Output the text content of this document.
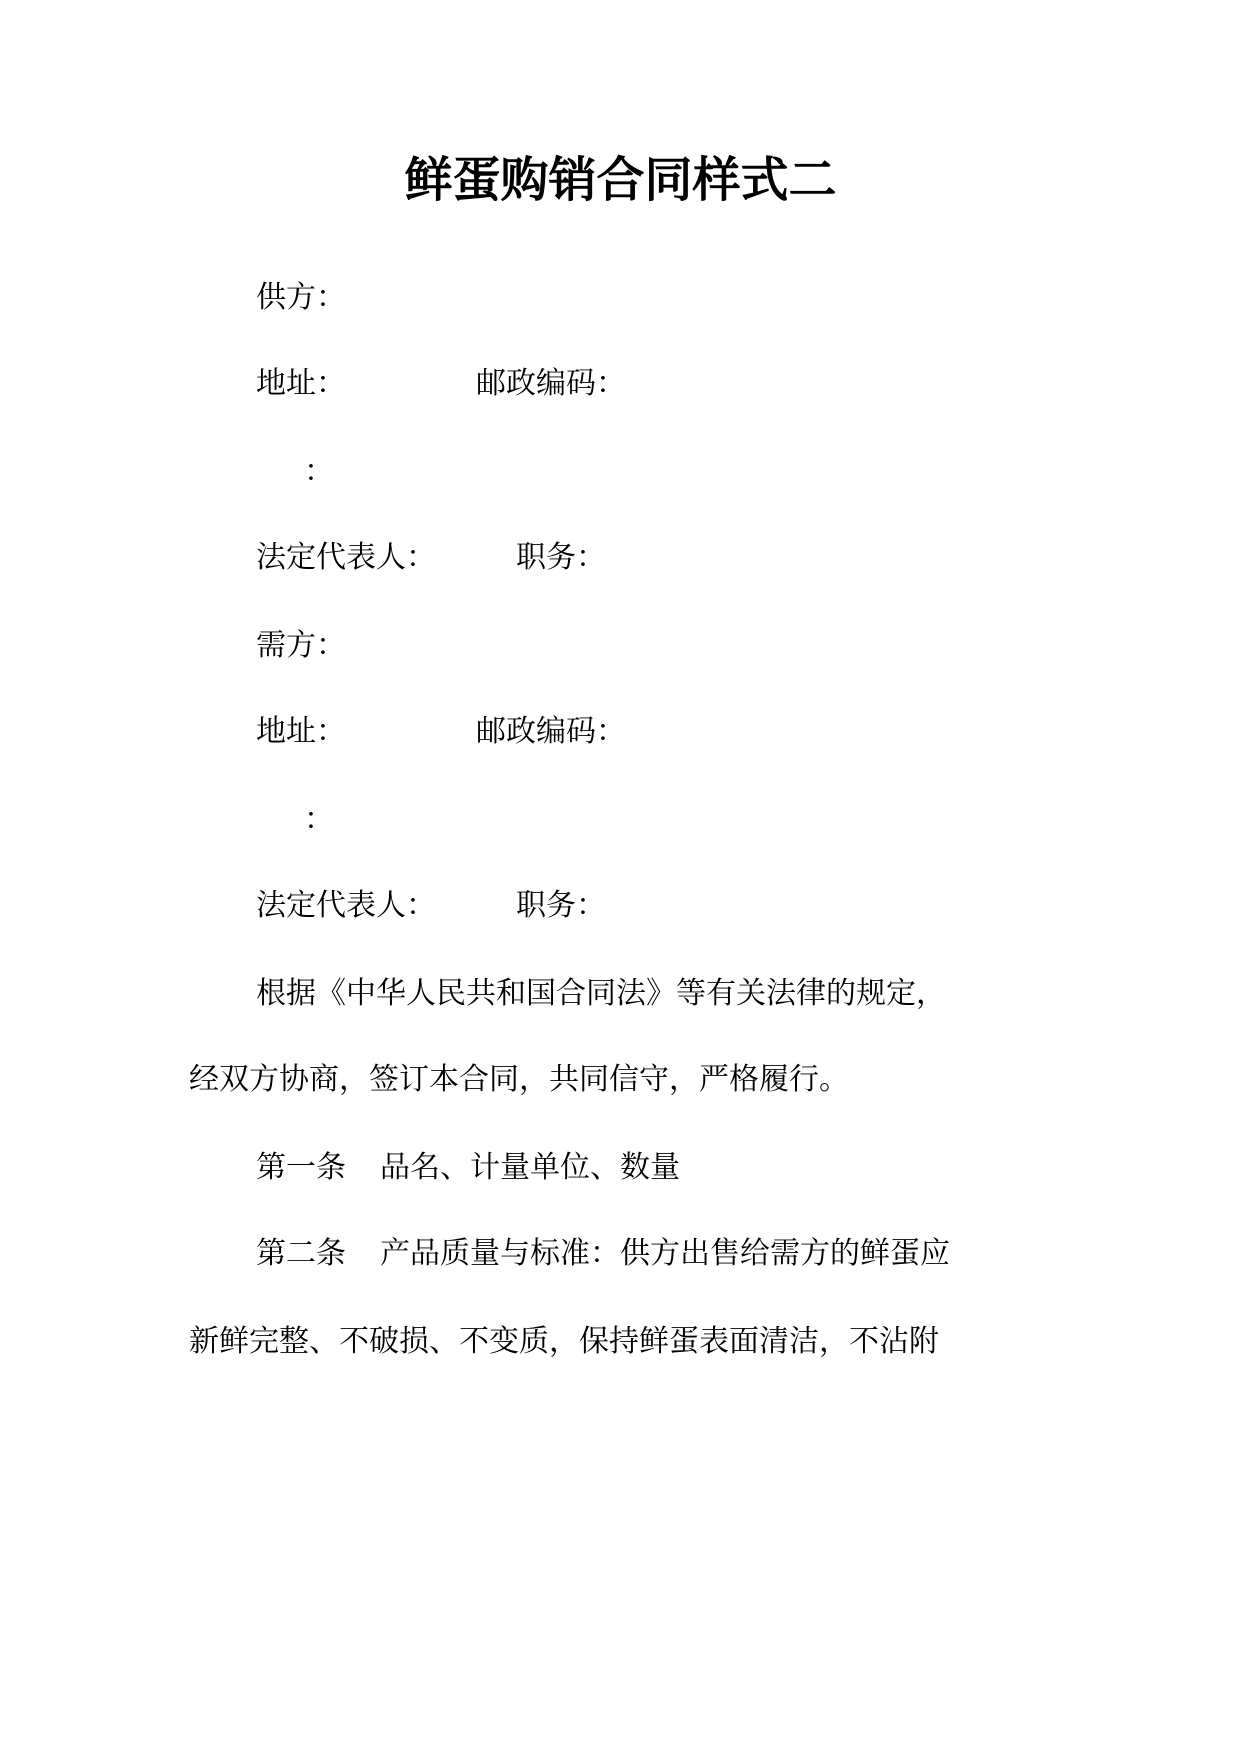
鲜蛋购销合同样式二

供方：

地址：	邮政编码：

：

法定代表人：	职务：

需方：

地址：	邮政编码：

：

法定代表人：	职务：

根据《中华人民共和国合同法》等有关法律的规定，

经双方协商，签订本合同，共同信守，严格履行。

第一条 品名、计量单位、数量

第二条 产品质量与标准：供方出售给需方的鲜蛋应

新鲜完整、不破损、不变质，保持鲜蛋表面清洁，不沾附
